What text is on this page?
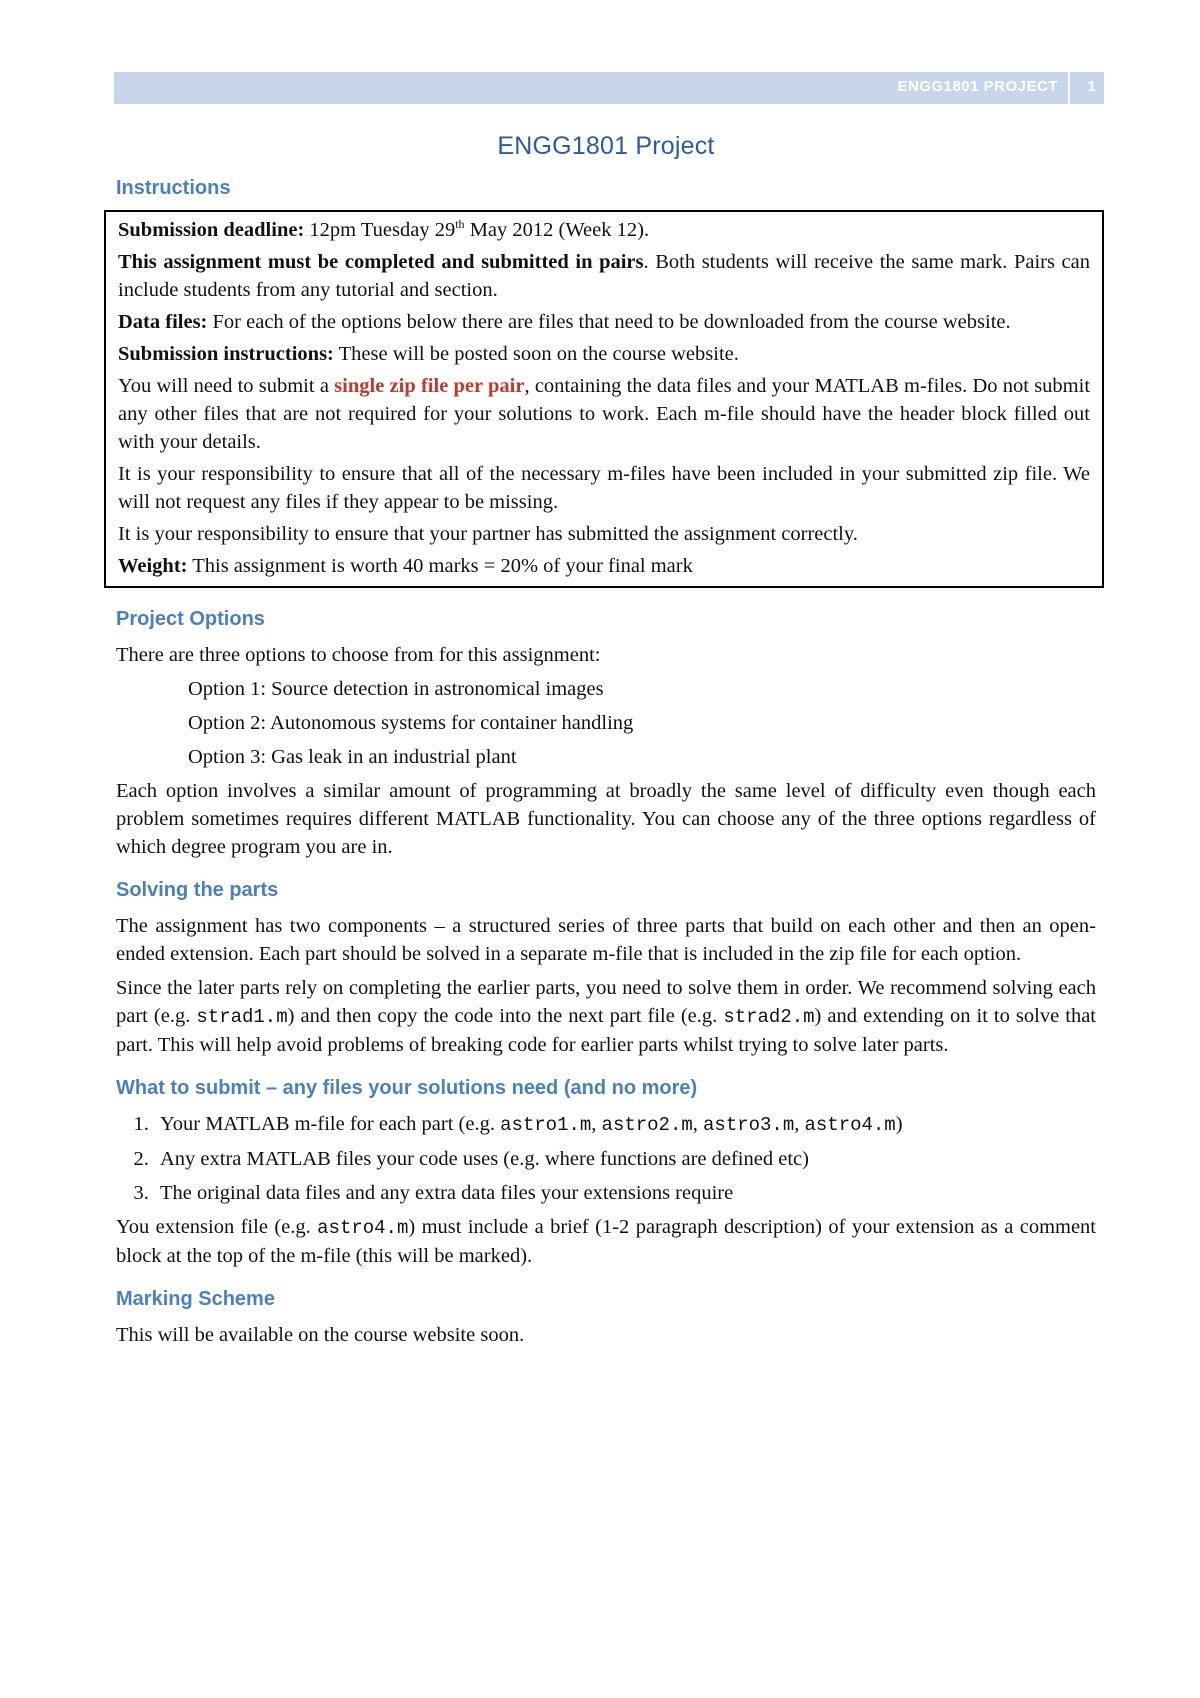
ENGG1801 PROJECT 1
ENGG1801 Project
Instructions

Submission deadline: 12pm Tuesday 29th May 2012 (Week 12).

This assignment must be completed and submitted in pairs. Both students will receive the same mark. Pairs can include students from any tutorial and section.

Data files: For each of the options below there are files that need to be downloaded from the course website.

Submission instructions: These will be posted soon on the course website.

You will need to submit a single zip file per pair, containing the data files and your MATLAB m-files. Do not submit any other files that are not required for your solutions to work. Each m-file should have the header block filled out with your details.

It is your responsibility to ensure that all of the necessary m-files have been included in your submitted zip file. We will not request any files if they appear to be missing.

It is your responsibility to ensure that your partner has submitted the assignment correctly.

Weight: This assignment is worth 40 marks = 20% of your final mark

Project Options

There are three options to choose from for this assignment:

Option 1: Source detection in astronomical images

Option 2: Autonomous systems for container handling

Option 3: Gas leak in an industrial plant

Each option involves a similar amount of programming at broadly the same level of difficulty even though each problem sometimes requires different MATLAB functionality. You can choose any of the three options regardless of which degree program you are in.

Solving the parts

The assignment has two components – a structured series of three parts that build on each other and then an open-ended extension. Each part should be solved in a separate m-file that is included in the zip file for each option.

Since the later parts rely on completing the earlier parts, you need to solve them in order. We recommend solving each part (e.g. strad1.m) and then copy the code into the next part file (e.g. strad2.m) and extending on it to solve that part. This will help avoid problems of breaking code for earlier parts whilst trying to solve later parts.

What to submit – any files your solutions need (and no more)
1. Your MATLAB m-file for each part (e.g. astro1.m, astro2.m, astro3.m, astro4.m)
2. Any extra MATLAB files your code uses (e.g. where functions are defined etc)
3. The original data files and any extra data files your extensions require

You extension file (e.g. astro4.m) must include a brief (1-2 paragraph description) of your extension as a comment block at the top of the m-file (this will be marked).

Marking Scheme

This will be available on the course website soon.
